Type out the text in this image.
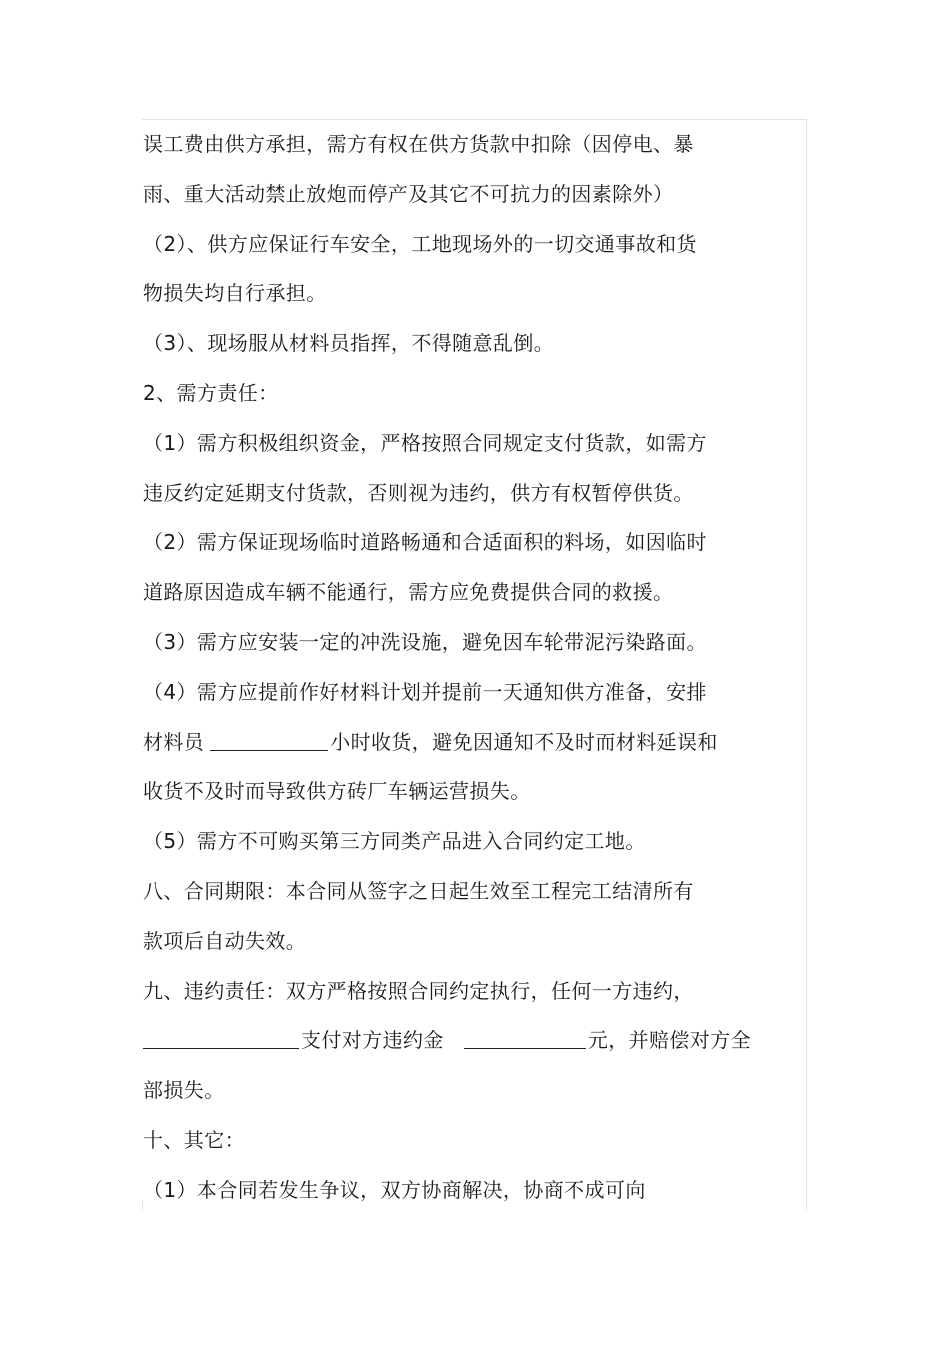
误工费由供方承担，需方有权在供方货款中扣除（因停电、暴
雨、重大活动禁止放炮而停产及其它不可抗力的因素除外）
（2）、供方应保证行车安全，工地现场外的一切交通事故和货
物损失均自行承担。
（3）、现场服从材料员指挥，不得随意乱倒。
2、需方责任：
（1）需方积极组织资金，严格按照合同规定支付货款，如需方
违反约定延期支付货款，否则视为违约，供方有权暂停供货。
（2）需方保证现场临时道路畅通和合适面积的料场，如因临时
道路原因造成车辆不能通行，需方应免费提供合同的救援。
（3）需方应安装一定的冲洗设施，避免因车轮带泥污染路面。
（4）需方应提前作好材料计划并提前一天通知供方准备，安排
材料员	小时收货，避免因通知不及时而材料延误和
收货不及时而导致供方砖厂车辆运营损失。
（5）需方不可购买第三方同类产品进入合同约定工地。
八、合同期限：本合同从签字之日起生效至工程完工结清所有
款项后自动失效。
九、违约责任：双方严格按照合同约定执行，任何一方违约，
支付对方违约金	元，并赔偿对方全
部损失。
十、其它：
（1）本合同若发生争议，双方协商解决，协商不成可向
